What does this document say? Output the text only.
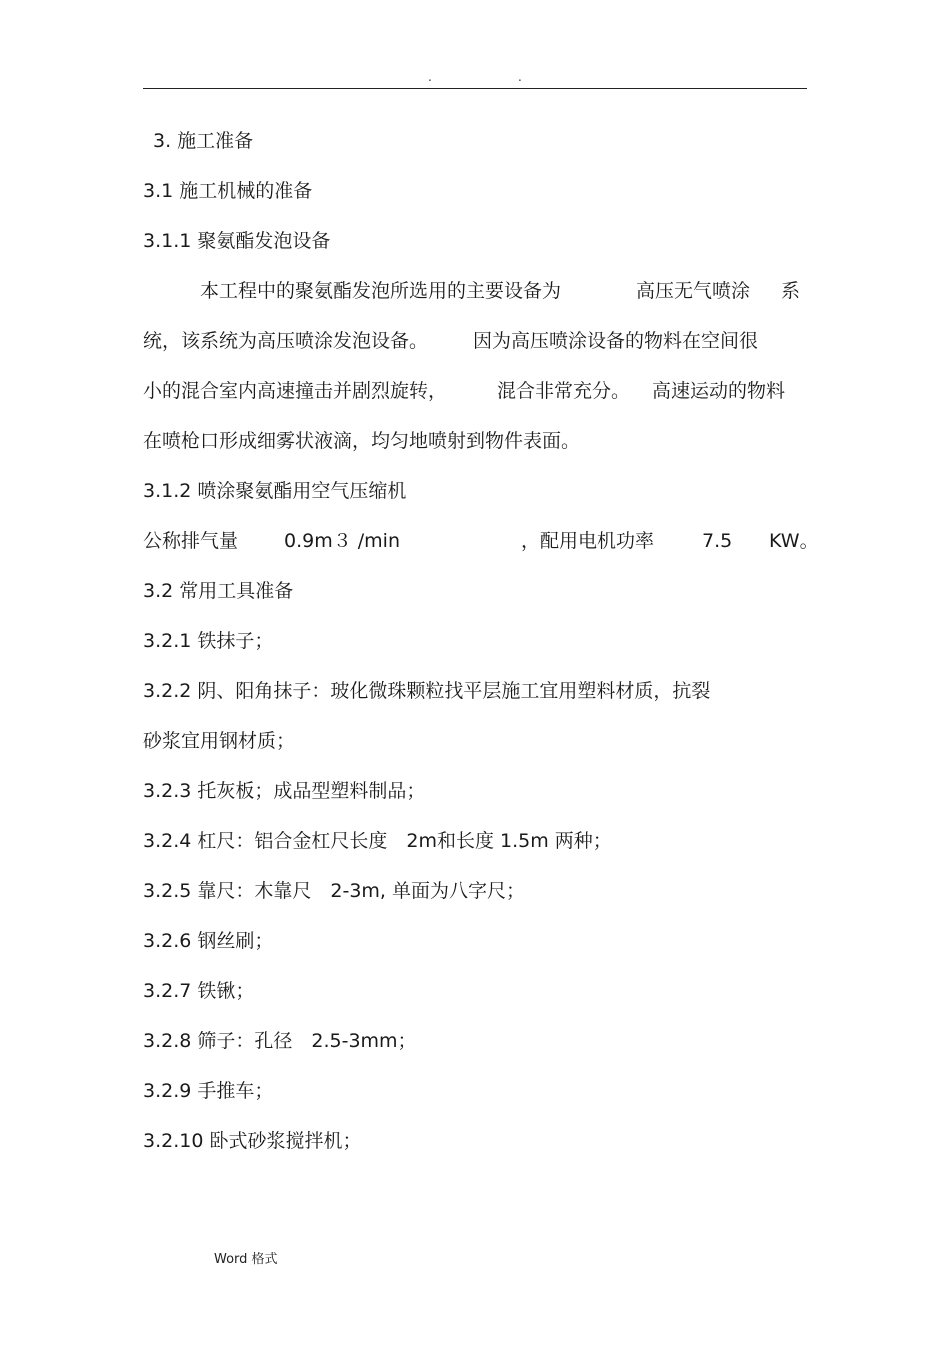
.	.
3. 施工准备
3.1 施工机械的准备
3.1.1 聚氨酯发泡设备
本工程中的聚氨酯发泡所选用的主要设备为	高压无气喷涂 系
统，该系统为高压喷涂发泡设备。 因为高压喷涂设备的物料在空间很
小的混合室内高速撞击并剧烈旋转，	混合非常充分。 高速运动的物料
在喷枪口形成细雾状液滴，均匀地喷射到物件表面。
3.1.2 喷涂聚氨酯用空气压缩机
公称排气量 0.9m３ /min	，配用电机功率	7.5 KW。
3.2 常用工具准备
3.2.1 铁抹子；
3.2.2 阴、阳角抹子：玻化微珠颗粒找平层施工宜用塑料材质，抗裂
砂浆宜用钢材质；
3.2.3 托灰板；成品型塑料制品；
3.2.4 杠尺：铝合金杠尺长度　2m和长度 1.5m 两种；
3.2.5 靠尺：木靠尺　2-3m, 单面为八字尺；
3.2.6 钢丝刷；
3.2.7 铁锹；
3.2.8 筛子：孔径　2.5-3mm；
3.2.9 手推车；
3.2.10 卧式砂浆搅拌机；
Word 格式
